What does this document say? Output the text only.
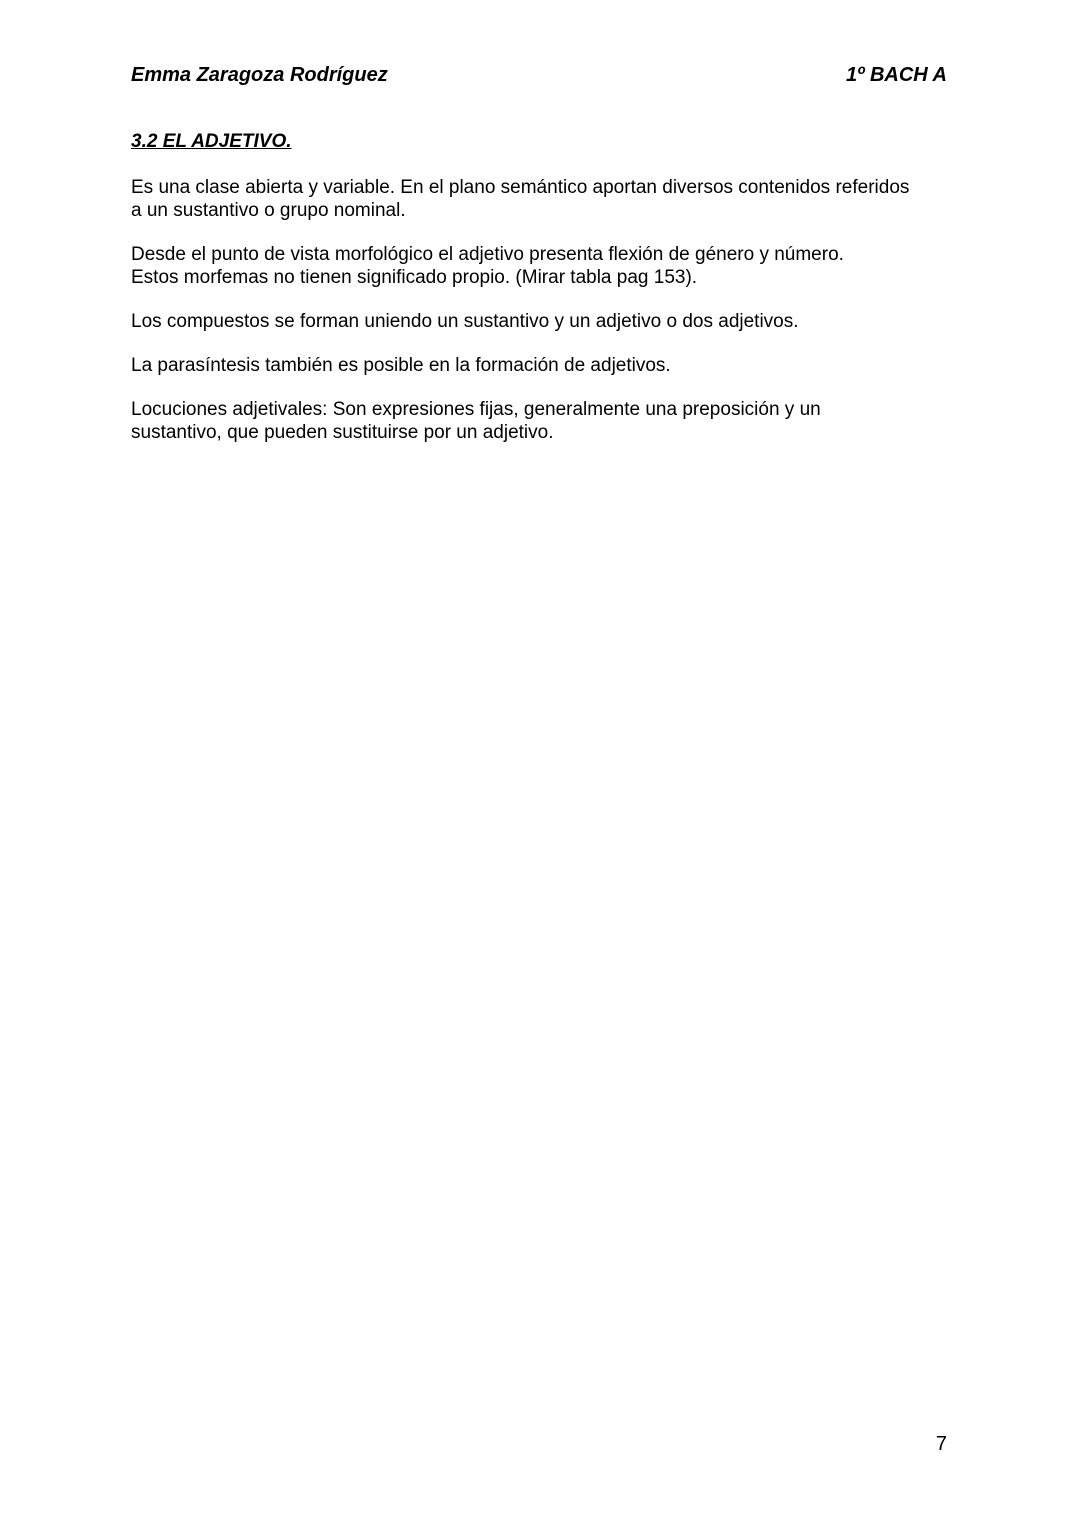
Emma Zaragoza Rodríguez	1º BACH A
3.2 EL ADJETIVO.
Es una clase abierta y variable. En el plano semántico aportan diversos contenidos referidos
a un sustantivo o grupo nominal.
Desde el punto de vista morfológico el adjetivo presenta flexión de género y número.
Estos morfemas no tienen significado propio. (Mirar tabla pag 153).
Los compuestos se forman uniendo un sustantivo y un adjetivo o dos adjetivos.
La parasíntesis también es posible en la formación de adjetivos.
Locuciones adjetivales: Son expresiones fijas, generalmente una preposición y un
sustantivo, que pueden sustituirse por un adjetivo.
7
